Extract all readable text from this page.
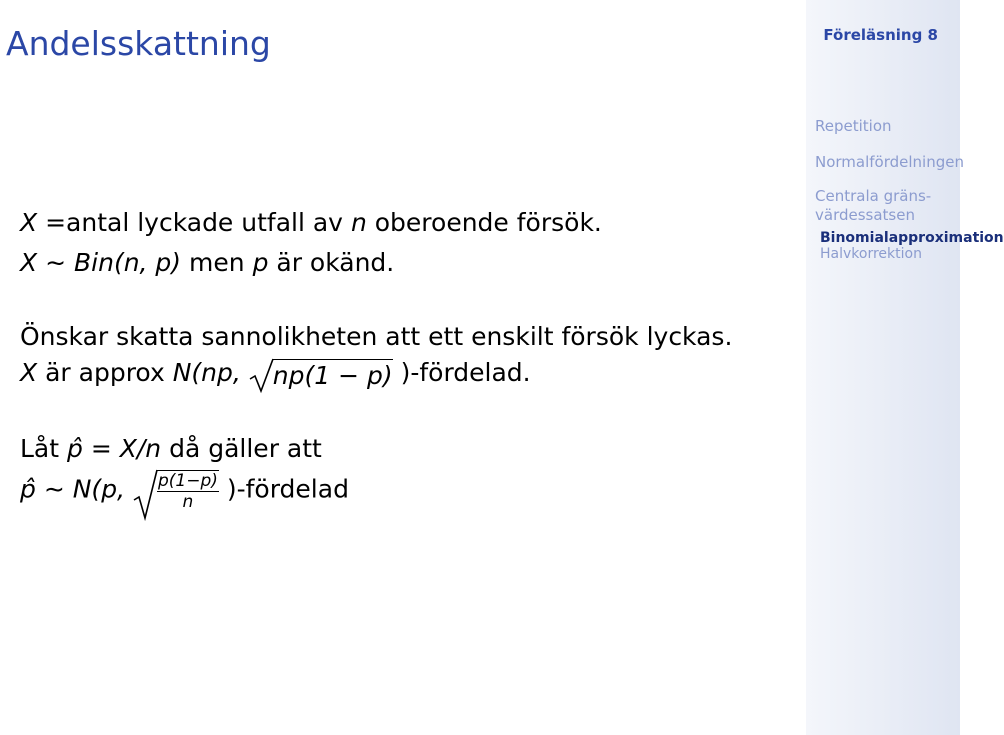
Andelsskattning	Föreläsning 8
Repetition
Normalfördelningen
Centrala gräns-
värdessatsen
Binomialapproximation
Halvkorrektion
X =antal lyckade utfall av n oberoende försök.
X ∼ Bin(n, p) men p är okänd.
Önskar skatta sannolikheten att ett enskilt försök lyckas.
X är approx N(np, np(1 − p) )-fördelad.
Låt p̂ = X/n då gäller att
p̂ ∼ N(p, $\frac{p(1-p)}{n}$ )-fördelad
